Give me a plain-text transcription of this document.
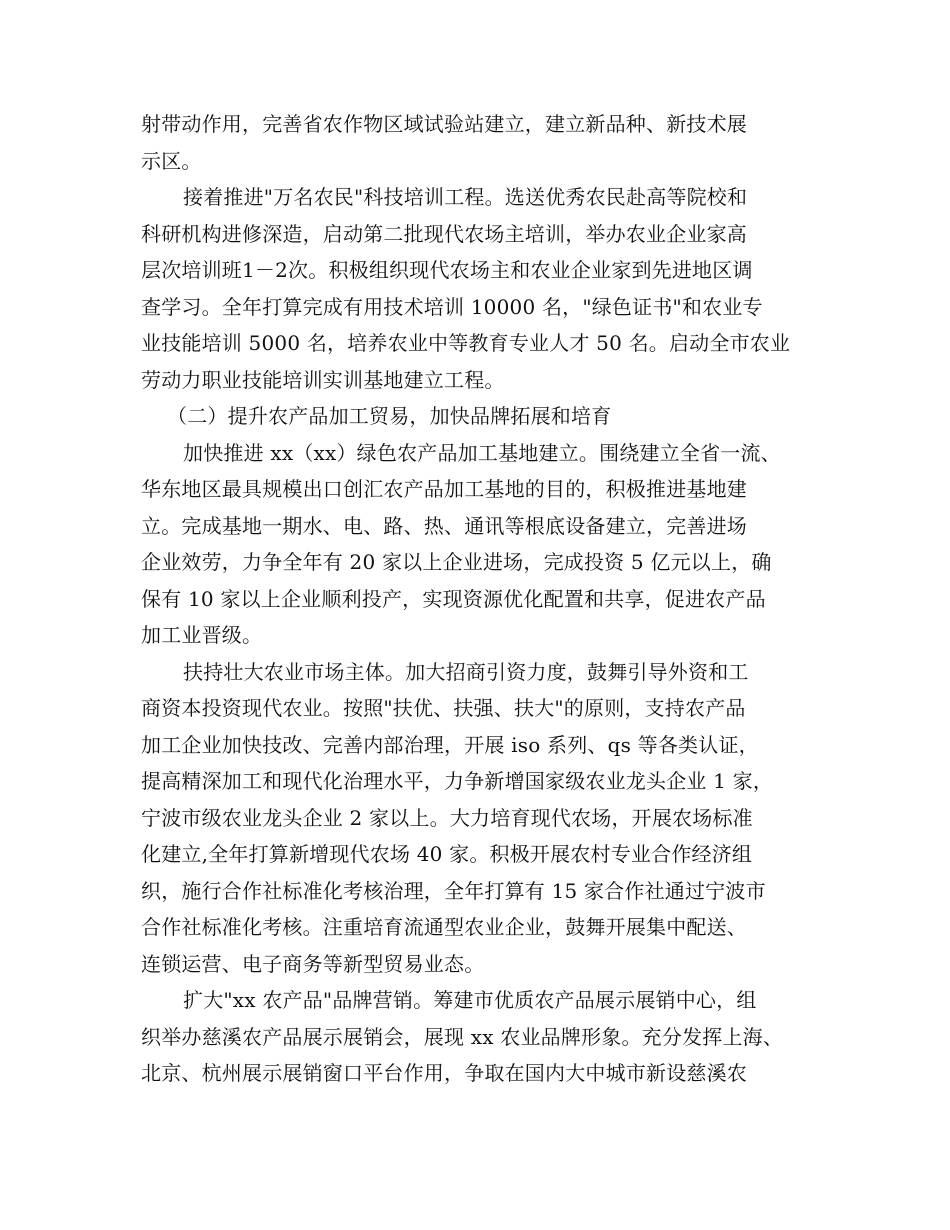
射带动作用，完善省农作物区域试验站建立，建立新品种、新技术展
示区。
接着推进"万名农民"科技培训工程。选送优秀农民赴高等院校和
科研机构进修深造，启动第二批现代农场主培训，举办农业企业家高
层次培训班1－2次。积极组织现代农场主和农业企业家到先进地区调
查学习。全年打算完成有用技术培训 10000 名，"绿色证书"和农业专
业技能培训 5000 名，培养农业中等教育专业人才 50 名。启动全市农业
劳动力职业技能培训实训基地建立工程。
（二）提升农产品加工贸易，加快品牌拓展和培育
加快推进 xx（xx）绿色农产品加工基地建立。围绕建立全省一流、
华东地区最具规模出口创汇农产品加工基地的目的，积极推进基地建
立。完成基地一期水、电、路、热、通讯等根底设备建立，完善进场
企业效劳，力争全年有 20 家以上企业进场，完成投资 5 亿元以上，确
保有 10 家以上企业顺利投产，实现资源优化配置和共享，促进农产品
加工业晋级。
扶持壮大农业市场主体。加大招商引资力度，鼓舞引导外资和工
商资本投资现代农业。按照"扶优、扶强、扶大"的原则，支持农产品
加工企业加快技改、完善内部治理，开展 iso 系列、qs 等各类认证，
提高精深加工和现代化治理水平，力争新增国家级农业龙头企业 1 家，
宁波市级农业龙头企业 2 家以上。大力培育现代农场，开展农场标准
化建立,全年打算新增现代农场 40 家。积极开展农村专业合作经济组
织，施行合作社标准化考核治理，全年打算有 15 家合作社通过宁波市
合作社标准化考核。注重培育流通型农业企业，鼓舞开展集中配送、
连锁运营、电子商务等新型贸易业态。
扩大"xx 农产品"品牌营销。筹建市优质农产品展示展销中心，组
织举办慈溪农产品展示展销会，展现 xx 农业品牌形象。充分发挥上海、
北京、杭州展示展销窗口平台作用，争取在国内大中城市新设慈溪农
